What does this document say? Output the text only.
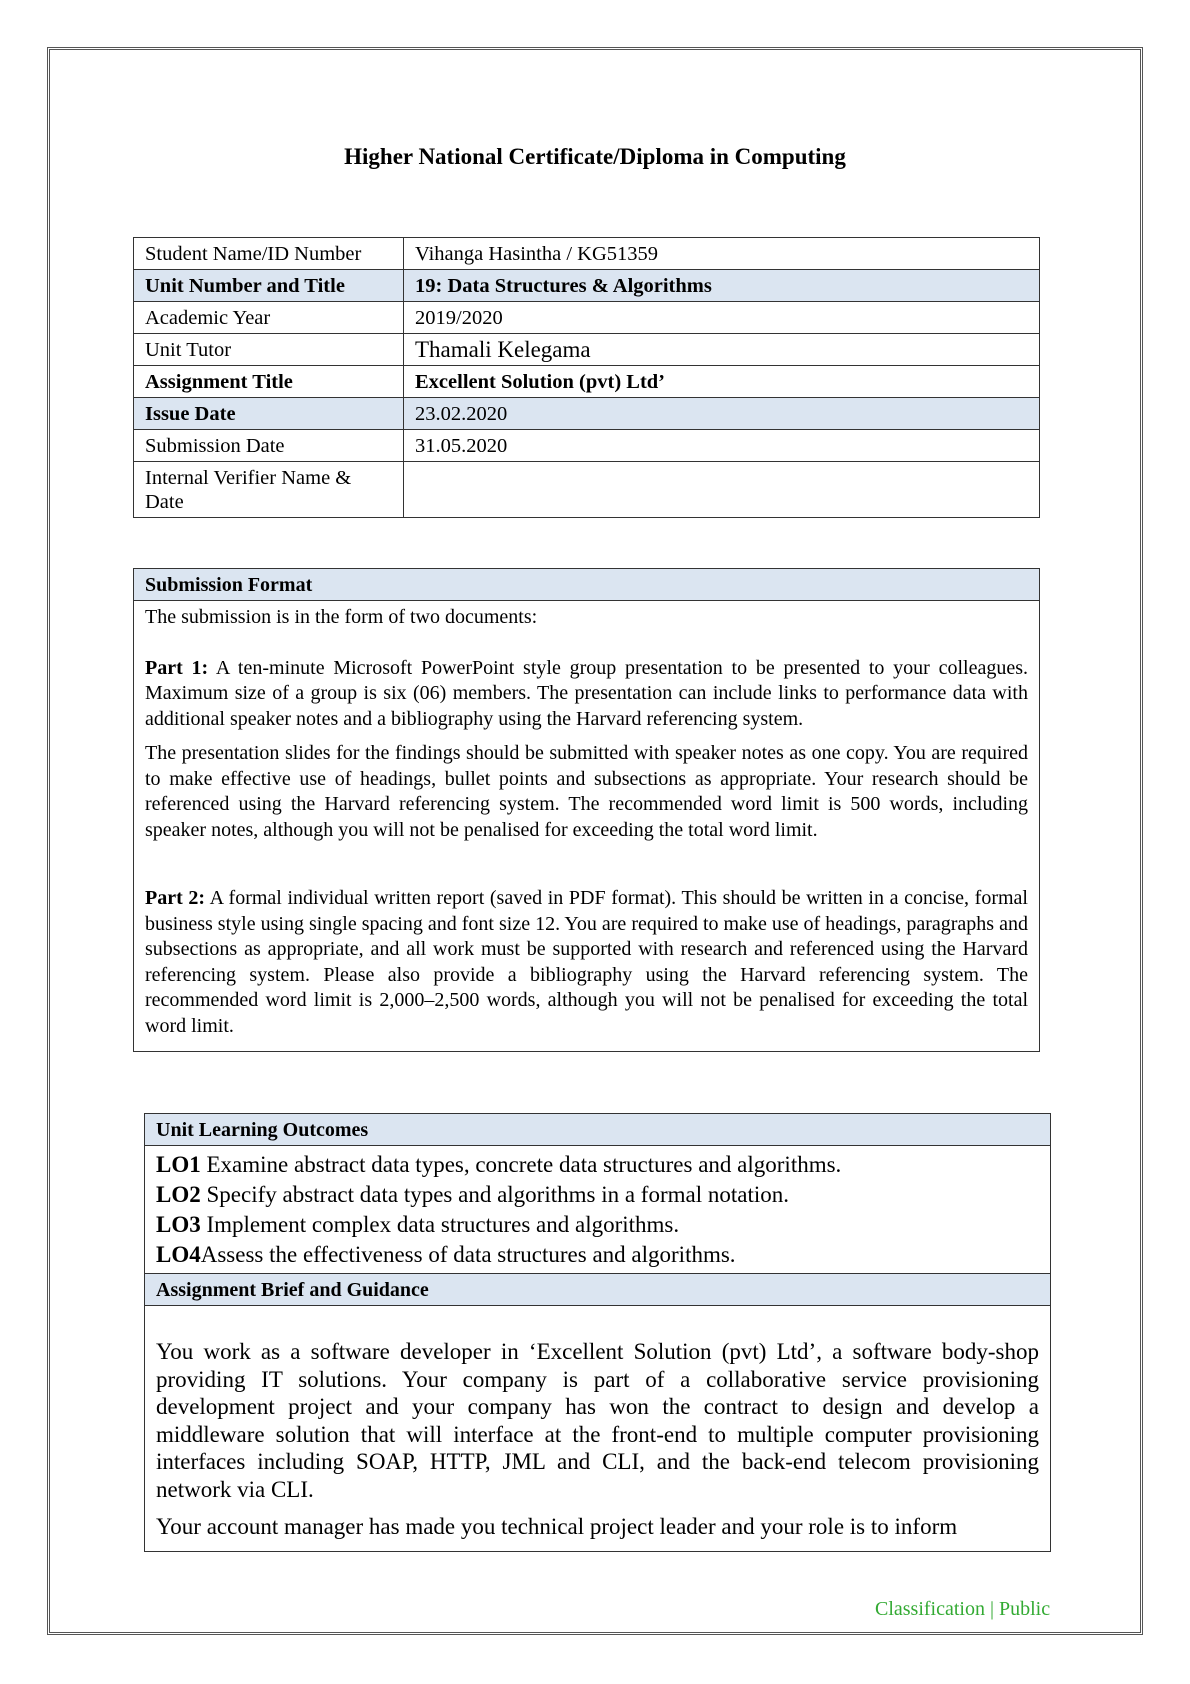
Higher National Certificate/Diploma in Computing
Student Name/ID Number	Vihanga Hasintha / KG51359
Unit Number and Title	19: Data Structures & Algorithms
Academic Year	2019/2020
Unit Tutor	Thamali Kelegama
Assignment Title	Excellent Solution (pvt) Ltd’
Issue Date	23.02.2020
Submission Date	31.05.2020
Internal Verifier Name & Date	
Submission Format

The submission is in the form of two documents:

Part 1: A ten-minute Microsoft PowerPoint style group presentation to be presented to your colleagues. Maximum size of a group is six (06) members. The presentation can include links to performance data with additional speaker notes and a bibliography using the Harvard referencing system.

The presentation slides for the findings should be submitted with speaker notes as one copy. You are required to make effective use of headings, bullet points and subsections as appropriate. Your research should be referenced using the Harvard referencing system. The recommended word limit is 500 words, including speaker notes, although you will not be penalised for exceeding the total word limit.

Part 2: A formal individual written report (saved in PDF format). This should be written in a concise, formal business style using single spacing and font size 12. You are required to make use of headings, paragraphs and subsections as appropriate, and all work must be supported with research and referenced using the Harvard referencing system. Please also provide a bibliography using the Harvard referencing system. The recommended word limit is 2,000–2,500 words, although you will not be penalised for exceeding the total word limit.

Unit Learning Outcomes

LO1 Examine abstract data types, concrete data structures and algorithms.
LO2 Specify abstract data types and algorithms in a formal notation.
LO3 Implement complex data structures and algorithms.
LO4Assess the effectiveness of data structures and algorithms.

Assignment Brief and Guidance

You work as a software developer in ‘Excellent Solution (pvt) Ltd’, a software body-shop providing IT solutions. Your company is part of a collaborative service provisioning development project and your company has won the contract to design and develop a middleware solution that will interface at the front-end to multiple computer provisioning interfaces including SOAP, HTTP, JML and CLI, and the back-end telecom provisioning network via CLI.

Your account manager has made you technical project leader and your role is to inform

Classification | Public
